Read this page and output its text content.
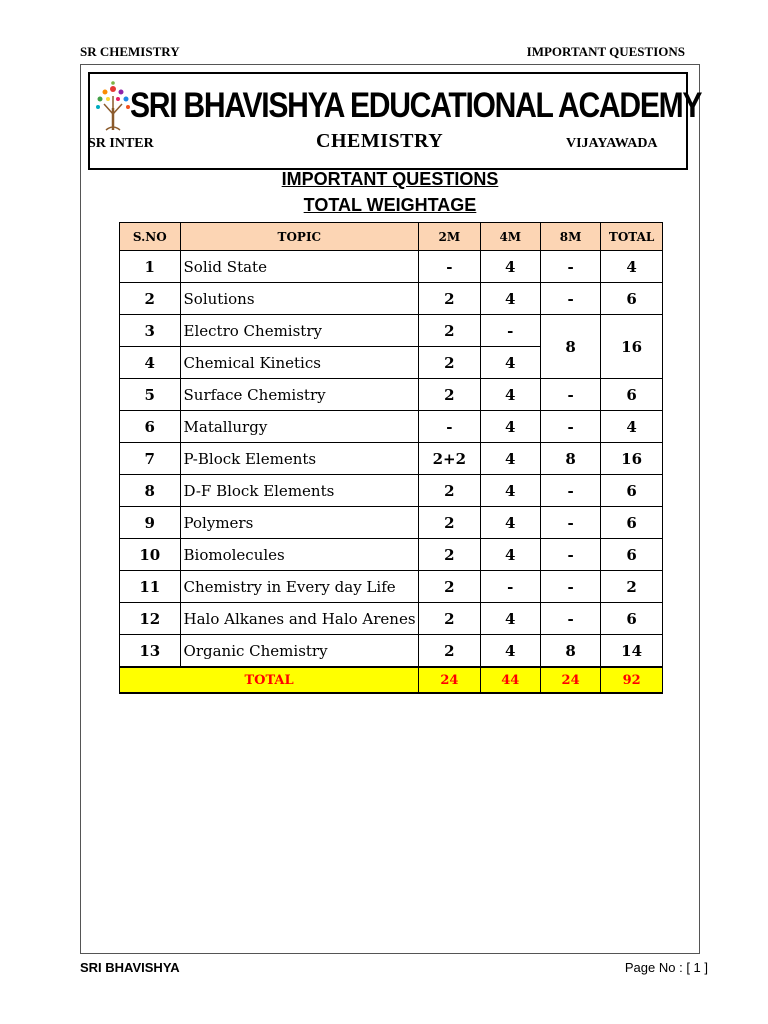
SR CHEMISTRY	IMPORTANT QUESTIONS
SRI BHAVISHYA EDUCATIONAL ACADEMY
SR INTER	CHEMISTRY	VIJAYAWADA
IMPORTANT QUESTIONS
TOTAL WEIGHTAGE
S.NO	TOPIC	2M	4M	8M	TOTAL
1	Solid State	-	4	-	4
2	Solutions	2	4	-	6
3	Electro Chemistry	2	-	8	16
4	Chemical Kinetics	2	4		
5	Surface Chemistry	2	4	-	6
6	Matallurgy	-	4	-	4
7	P-Block Elements	2+2	4	8	16
8	D-F Block Elements	2	4	-	6
9	Polymers	2	4	-	6
10	Biomolecules	2	4	-	6
11	Chemistry in Every day Life	2	-	-	2
12	Halo Alkanes and Halo Arenes	2	4	-	6
13	Organic Chemistry	2	4	8	14
TOTAL		24	44	24	92
SRI BHAVISHYA	Page No : [ 1 ]
